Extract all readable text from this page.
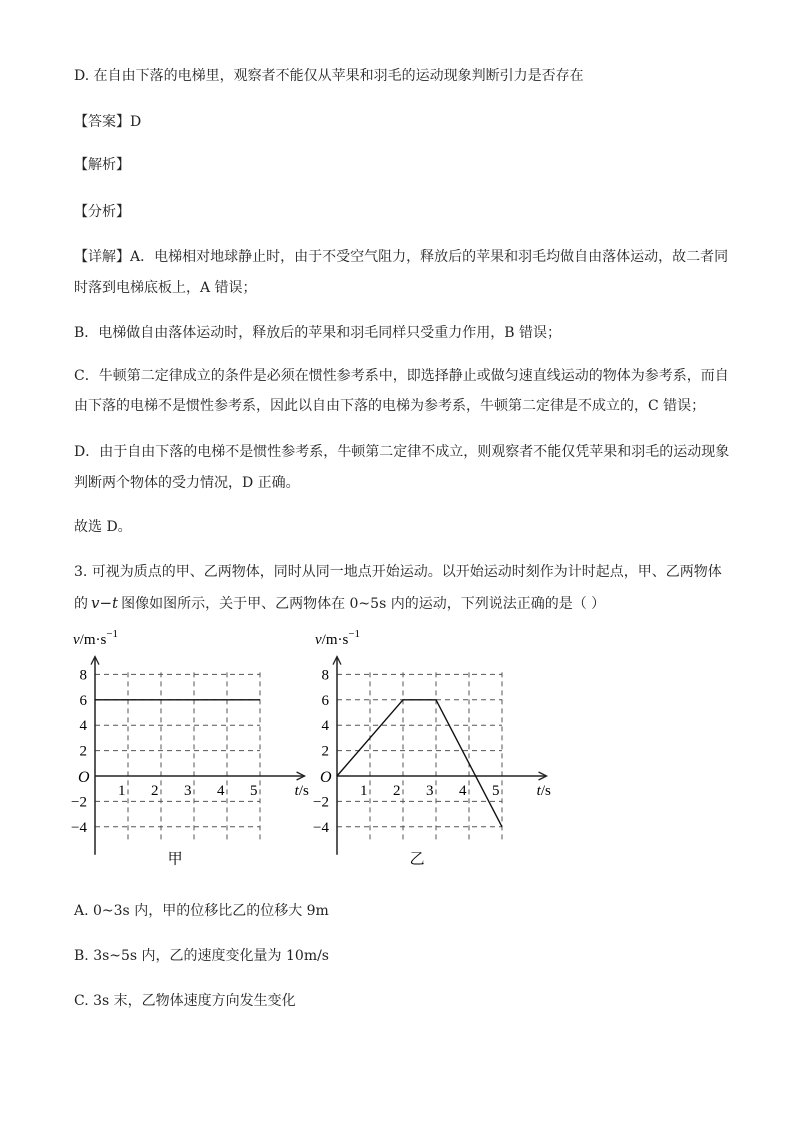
D. 在自由下落的电梯里，观察者不能仅从苹果和羽毛的运动现象判断引力是否存在
【答案】D
【解析】
【分析】
【详解】A．电梯相对地球静止时，由于不受空气阻力，释放后的苹果和羽毛均做自由落体运动，故二者同
时落到电梯底板上，A 错误；
B．电梯做自由落体运动时，释放后的苹果和羽毛同样只受重力作用，B 错误；
C．牛顿第二定律成立的条件是必须在惯性参考系中，即选择静止或做匀速直线运动的物体为参考系，而自
由下落的电梯不是惯性参考系，因此以自由下落的电梯为参考系，牛顿第二定律是不成立的，C 错误；
D．由于自由下落的电梯不是惯性参考系，牛顿第二定律不成立，则观察者不能仅凭苹果和羽毛的运动现象
判断两个物体的受力情况，D 正确。
故选 D。
3. 可视为质点的甲、乙两物体，同时从同一地点开始运动。以开始运动时刻作为计时起点，甲、乙两物体
的 v−t 图像如图所示，关于甲、乙两物体在 0~5s 内的运动，下列说法正确的是（ ）
$v/m\cdot s^{-1}$
t/s
O
1 2 3 4 5
8
6
4
2
−2
−4
甲
$v/m\cdot s^{-1}$
t/s
O
1 2 3 4 5
8
6
4
2
−2
−4
乙
A. 0~3s 内，甲的位移比乙的位移大 9m
B. 3s~5s 内，乙的速度变化量为 10m/s
C. 3s 末，乙物体速度方向发生变化
